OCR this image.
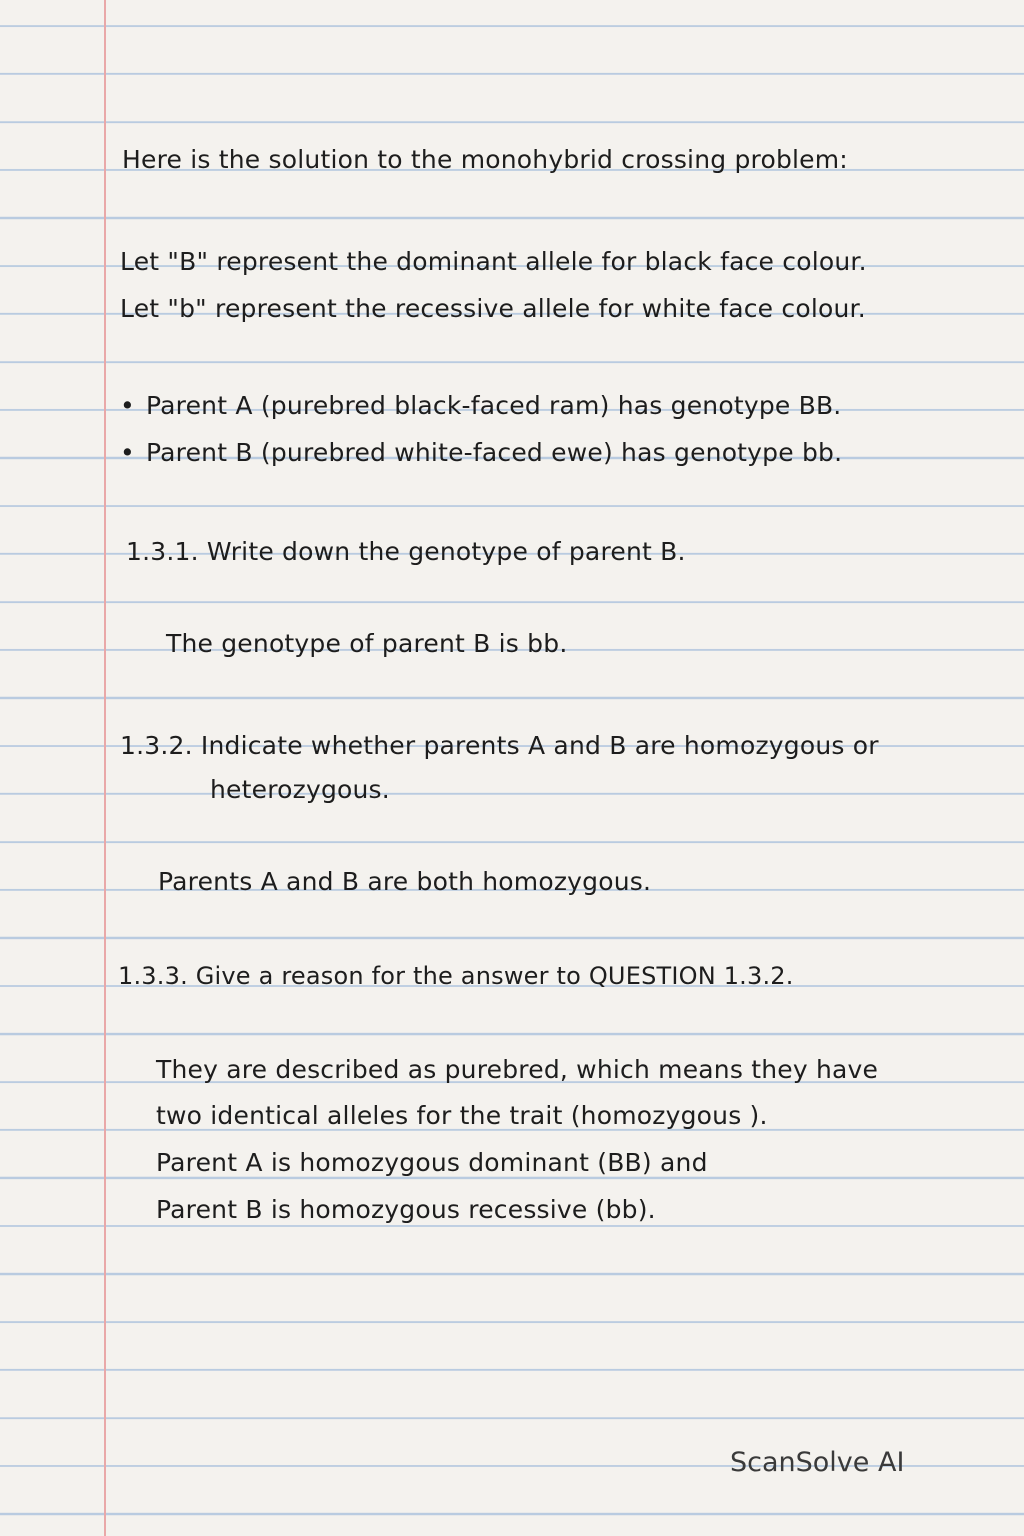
Here is the solution to the monohybrid crossing problem:
Let "B" represent the dominant allele for black face colour.
Let "b" represent the recessive allele for white face colour.
• Parent A (purebred black-faced ram) has genotype BB.
• Parent B (purebred white-faced ewe) has genotype bb.
1.3.1. Write down the genotype of parent B.
The genotype of parent B is bb.
1.3.2. Indicate whether parents A and B are homozygous or
heterozygous.
Parents A and B are both homozygous.
1.3.3. Give a reason for the answer to QUESTION 1.3.2.
They are described as purebred, which means they have
two identical alleles for the trait (homozygous ).
Parent A is homozygous dominant (BB) and
Parent B is homozygous recessive (bb).
ScanSolve AI
